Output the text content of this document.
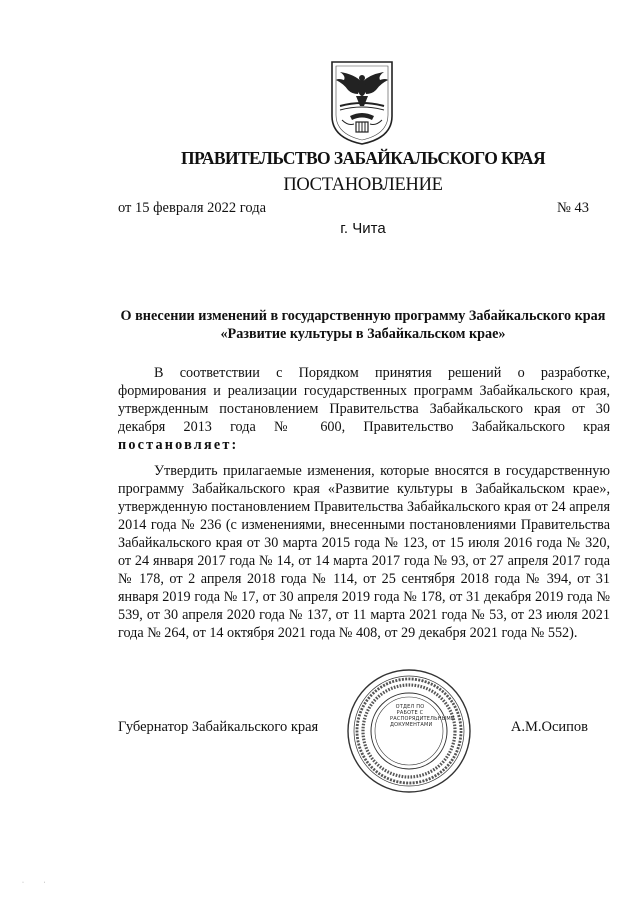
ПРАВИТЕЛЬСТВО ЗАБАЙКАЛЬСКОГО КРАЯ
ПОСТАНОВЛЕНИЕ
от 15 февраля 2022 года	№ 43
г. Чита
О внесении изменений в государственную программу Забайкальского края «Развитие культуры в Забайкальском крае»

В соответствии с Порядком принятия решений о разработке, формирования и реализации государственных программ Забайкальского края, утвержденным постановлением Правительства Забайкальского края от 30 декабря 2013 года № 600, Правительство Забайкальского края постановляет:

Утвердить прилагаемые изменения, которые вносятся в государственную программу Забайкальского края «Развитие культуры в Забайкальском крае», утвержденную постановлением Правительства Забайкальского края от 24 апреля 2014 года № 236 (с изменениями, внесенными постановлениями Правительства Забайкальского края от 30 марта 2015 года № 123, от 15 июля 2016 года № 320, от 24 января 2017 года № 14, от 14 марта 2017 года № 93, от 27 апреля 2017 года № 178, от 2 апреля 2018 года № 114, от 25 сентября 2018 года № 394, от 31 января 2019 года № 17, от 30 апреля 2019 года № 178, от 31 декабря 2019 года № 539, от 30 апреля 2020 года № 137, от 11 марта 2021 года № 53, от 23 июля 2021 года № 264, от 14 октября 2021 года № 408, от 29 декабря 2021 года № 552).

Губернатор Забайкальского края
ОТДЕЛ ПО РАБОТЕ С РАСПОРЯДИТЕЛЬНЫМИ ДОКУМЕНТАМИ	А.М.Осипов
·             ·
